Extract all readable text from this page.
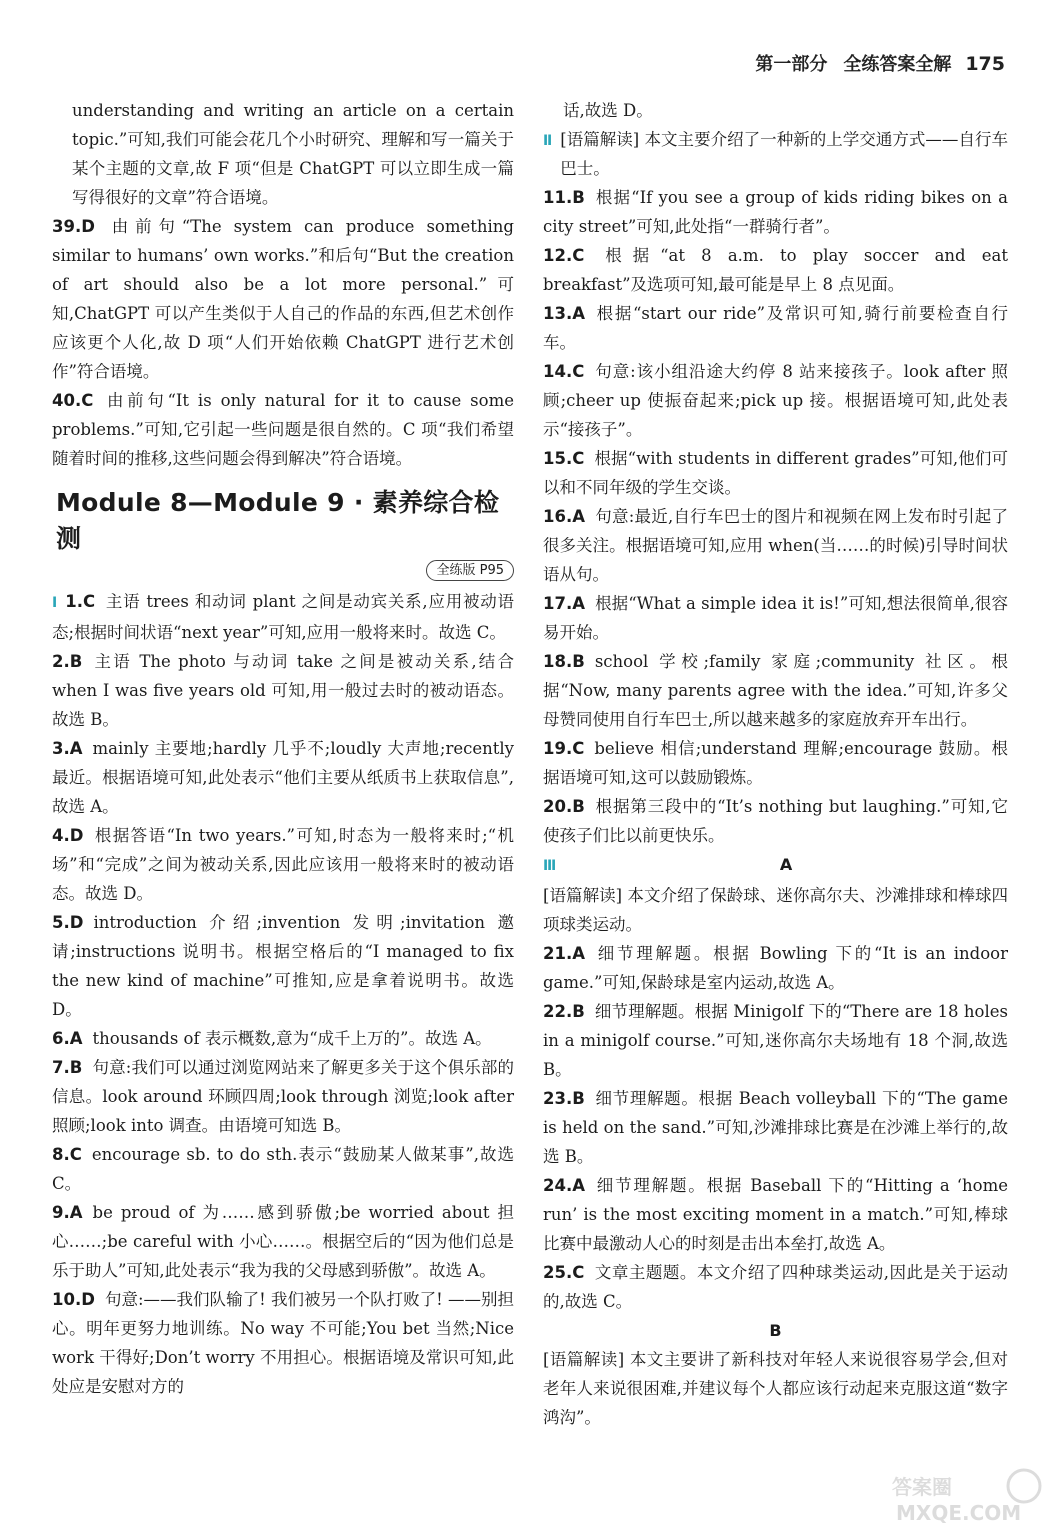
第一部分 全练答案全解 175
understanding and writing an article on a certain topic.”可知,我们可能会花几个小时研究、理解和写一篇关于某个主题的文章,故 F 项“但是 ChatGPT 可以立即生成一篇写得很好的文章”符合语境。
39.D 由前句“The system can produce something similar to humans’ own works.”和后句“But the creation of art should also be a lot more personal.”可知,ChatGPT 可以产生类似于人自己的作品的东西,但艺术创作应该更个人化,故 D 项“人们开始依赖 ChatGPT 进行艺术创作”符合语境。
40.C 由前句“It is only natural for it to cause some problems.”可知,它引起一些问题是很自然的。C 项“我们希望随着时间的推移,这些问题会得到解决”符合语境。
Module 8—Module 9 · 素养综合检测
全练版 P95
Ⅰ 1.C 主语 trees 和动词 plant 之间是动宾关系,应用被动语态;根据时间状语“next year”可知,应用一般将来时。故选 C。
2.B 主语 The photo 与动词 take 之间是被动关系,结合 when I was five years old 可知,用一般过去时的被动语态。故选 B。
3.A mainly 主要地;hardly 几乎不;loudly 大声地;recently 最近。根据语境可知,此处表示“他们主要从纸质书上获取信息”,故选 A。
4.D 根据答语“In two years.”可知,时态为一般将来时;“机场”和“完成”之间为被动关系,因此应该用一般将来时的被动语态。故选 D。
5.D introduction 介绍;invention 发明;invitation 邀请;instructions 说明书。根据空格后的“I managed to fix the new kind of machine”可推知,应是拿着说明书。故选 D。
6.A thousands of 表示概数,意为“成千上万的”。故选 A。
7.B 句意:我们可以通过浏览网站来了解更多关于这个俱乐部的信息。look around 环顾四周;look through 浏览;look after 照顾;look into 调查。由语境可知选 B。
8.C encourage sb. to do sth.表示“鼓励某人做某事”,故选 C。
9.A be proud of 为……感到骄傲;be worried about 担心……;be careful with 小心……。根据空后的“因为他们总是乐于助人”可知,此处表示“我为我的父母感到骄傲”。故选 A。
10.D 句意:——我们队输了! 我们被另一个队打败了! ——别担心。明年更努力地训练。No way 不可能;You bet 当然;Nice work 干得好;Don’t worry 不用担心。根据语境及常识可知,此处应是安慰对方的
话,故选 D。
Ⅱ [语篇解读] 本文主要介绍了一种新的上学交通方式——自行车巴士。
11.B 根据“If you see a group of kids riding bikes on a city street”可知,此处指“一群骑行者”。
12.C 根据“at 8 a.m. to play soccer and eat breakfast”及选项可知,最可能是早上 8 点见面。
13.A 根据“start our ride”及常识可知,骑行前要检查自行车。
14.C 句意:该小组沿途大约停 8 站来接孩子。look after 照顾;cheer up 使振奋起来;pick up 接。根据语境可知,此处表示“接孩子”。
15.C 根据“with students in different grades”可知,他们可以和不同年级的学生交谈。
16.A 句意:最近,自行车巴士的图片和视频在网上发布时引起了很多关注。根据语境可知,应用 when(当……的时候)引导时间状语从句。
17.A 根据“What a simple idea it is!”可知,想法很简单,很容易开始。
18.B school 学校;family 家庭;community 社区。根据“Now, many parents agree with the idea.”可知,许多父母赞同使用自行车巴士,所以越来越多的家庭放弃开车出行。
19.C believe 相信;understand 理解;encourage 鼓励。根据语境可知,这可以鼓励锻炼。
20.B 根据第三段中的“It’s nothing but laughing.”可知,它使孩子们比以前更快乐。
Ⅲ	A
[语篇解读] 本文介绍了保龄球、迷你高尔夫、沙滩排球和棒球四项球类运动。
21.A 细节理解题。根据 Bowling 下的“It is an indoor game.”可知,保龄球是室内运动,故选 A。
22.B 细节理解题。根据 Minigolf 下的“There are 18 holes in a minigolf course.”可知,迷你高尔夫场地有 18 个洞,故选 B。
23.B 细节理解题。根据 Beach volleyball 下的“The game is held on the sand.”可知,沙滩排球比赛是在沙滩上举行的,故选 B。
24.A 细节理解题。根据 Baseball 下的“Hitting a ‘home run’ is the most exciting moment in a match.”可知,棒球比赛中最激动人心的时刻是击出本垒打,故选 A。
25.C 文章主题题。本文介绍了四种球类运动,因此是关于运动的,故选 C。
B
[语篇解读] 本文主要讲了新科技对年轻人来说很容易学会,但对老年人来说很困难,并建议每个人都应该行动起来克服这道“数字鸿沟”。
答案圈
MXQE.COM
